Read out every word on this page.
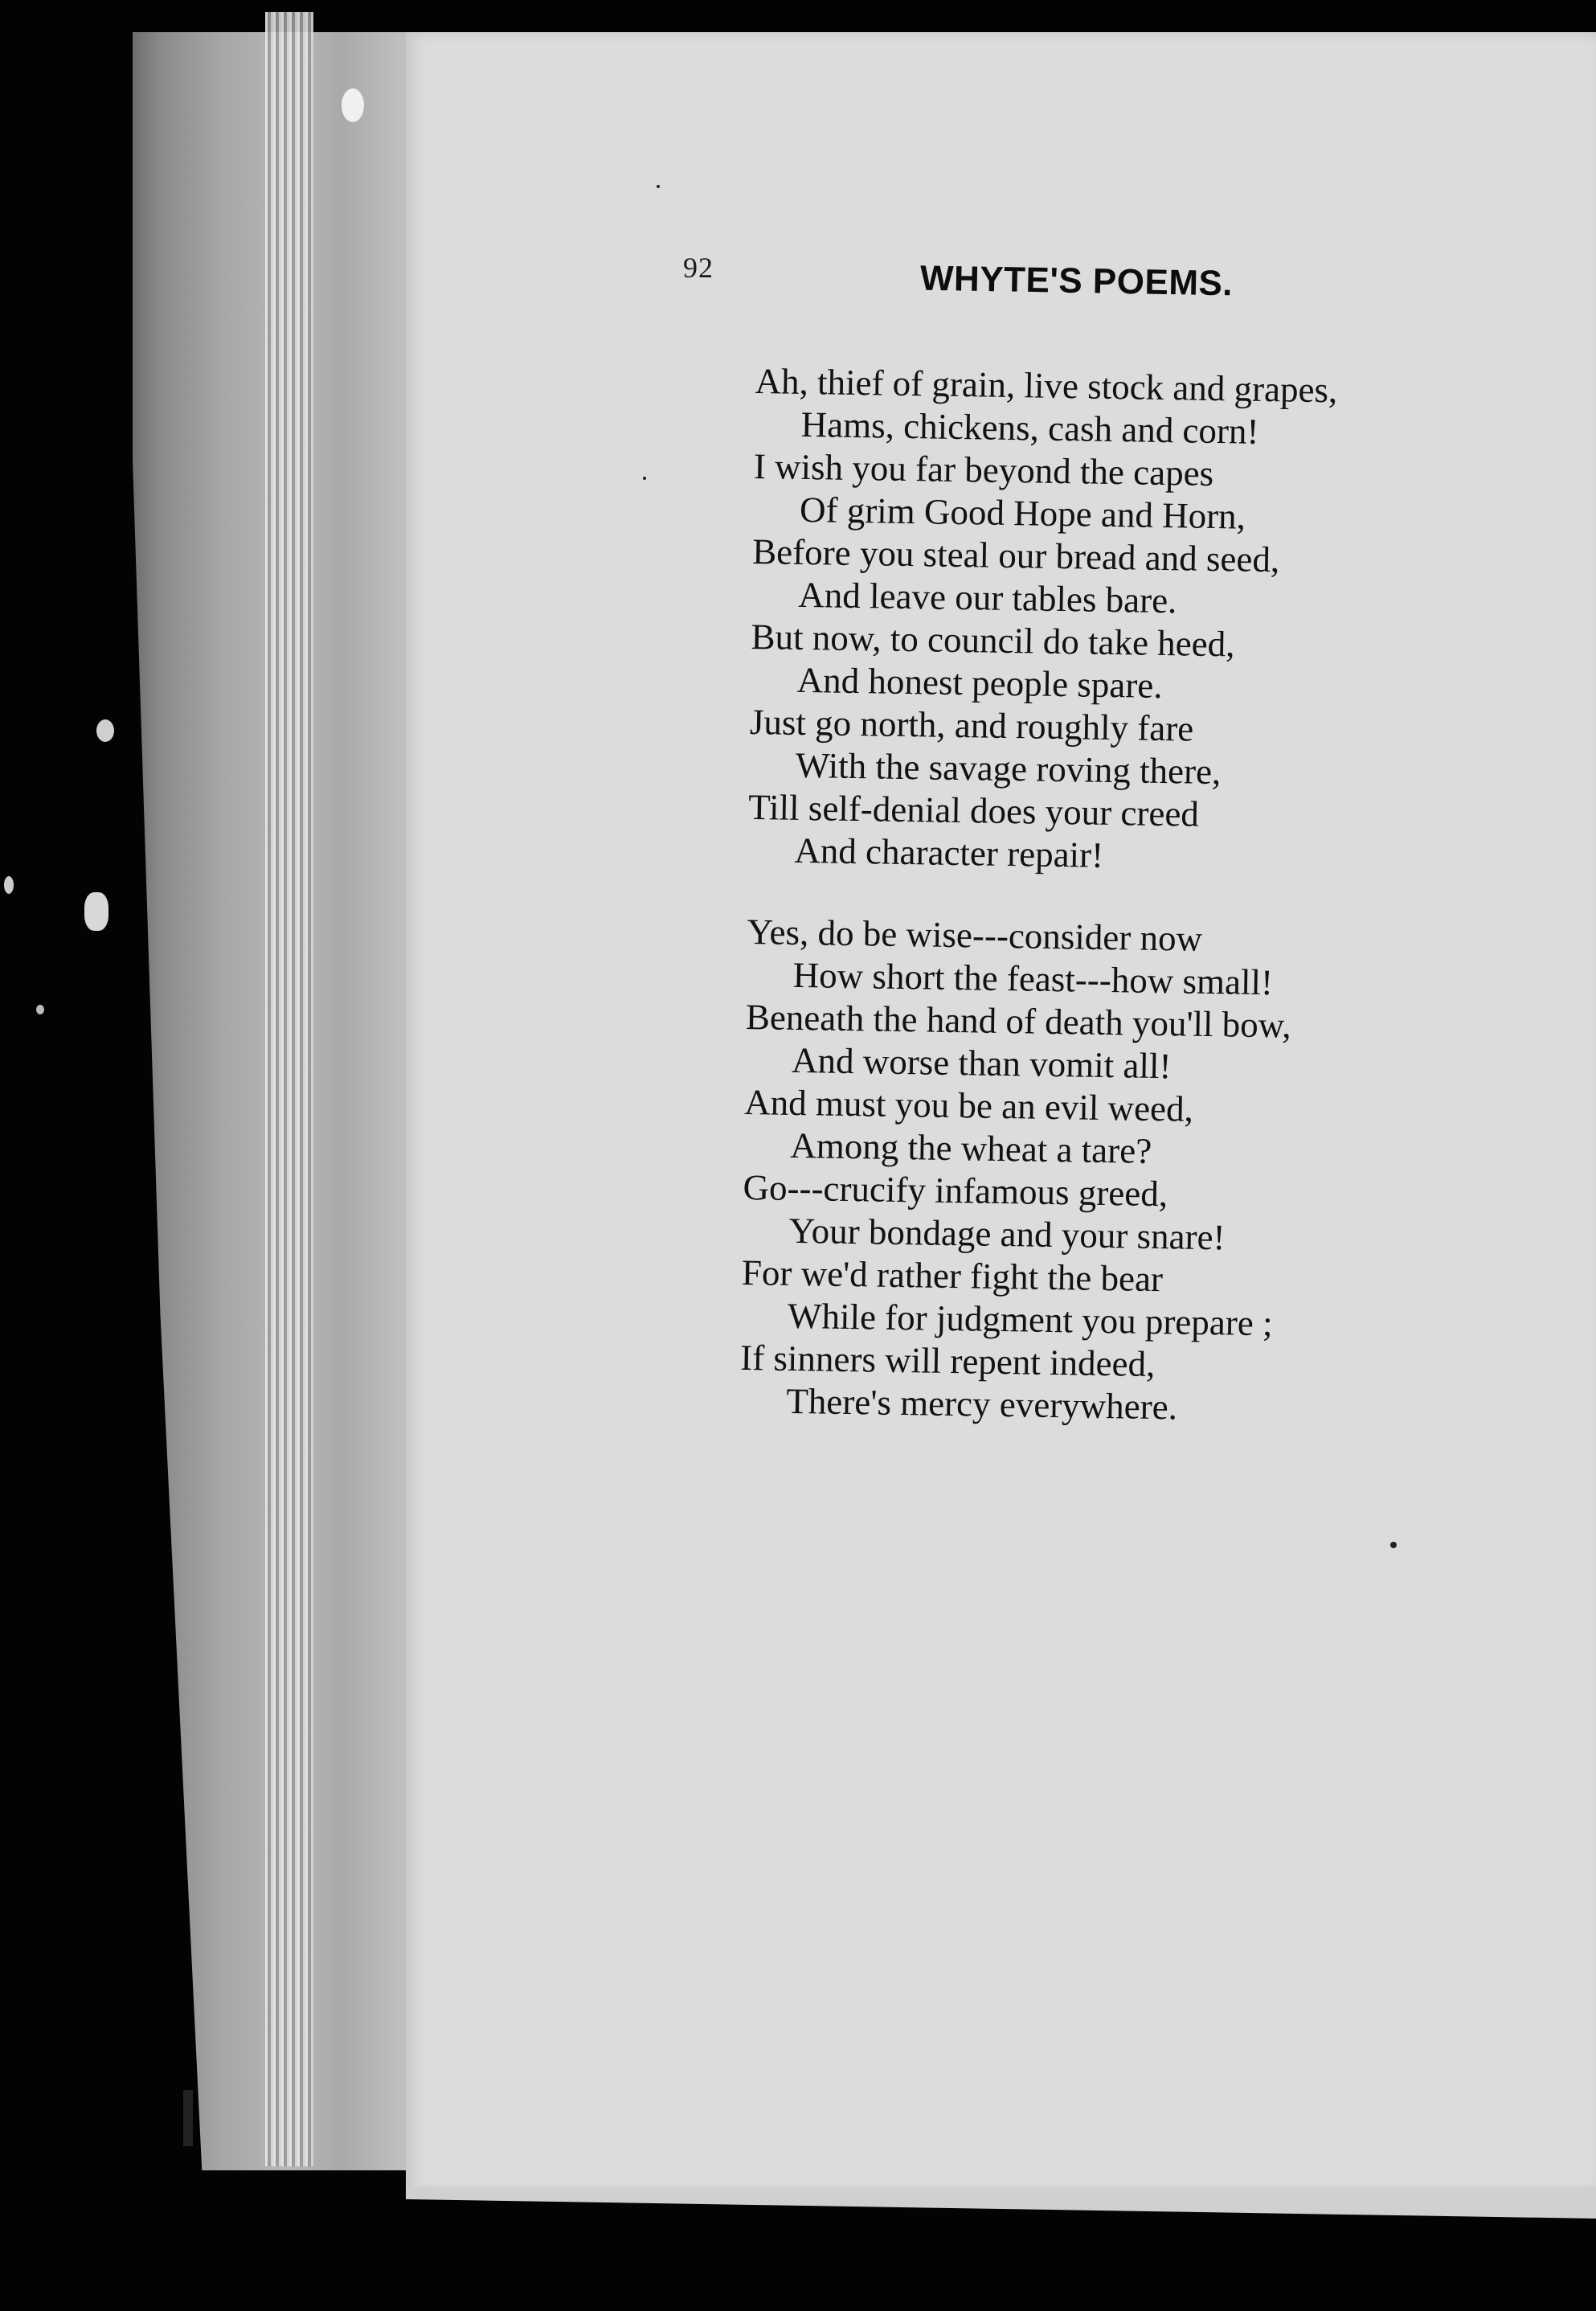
92	WHYTE'S POEMS.
Ah, thief of grain, live stock and grapes,
Hams, chickens, cash and corn!
I wish you far beyond the capes
Of grim Good Hope and Horn,
Before you steal our bread and seed,
And leave our tables bare.
But now, to council do take heed,
And honest people spare.
Just go north, and roughly fare
With the savage roving there,
Till self-denial does your creed
And character repair!
Yes, do be wise---consider now
How short the feast---how small!
Beneath the hand of death you'll bow,
And worse than vomit all!
And must you be an evil weed,
Among the wheat a tare?
Go---crucify infamous greed,
Your bondage and your snare!
For we'd rather fight the bear
While for judgment you prepare ;
If sinners will repent indeed,
There's mercy everywhere.
